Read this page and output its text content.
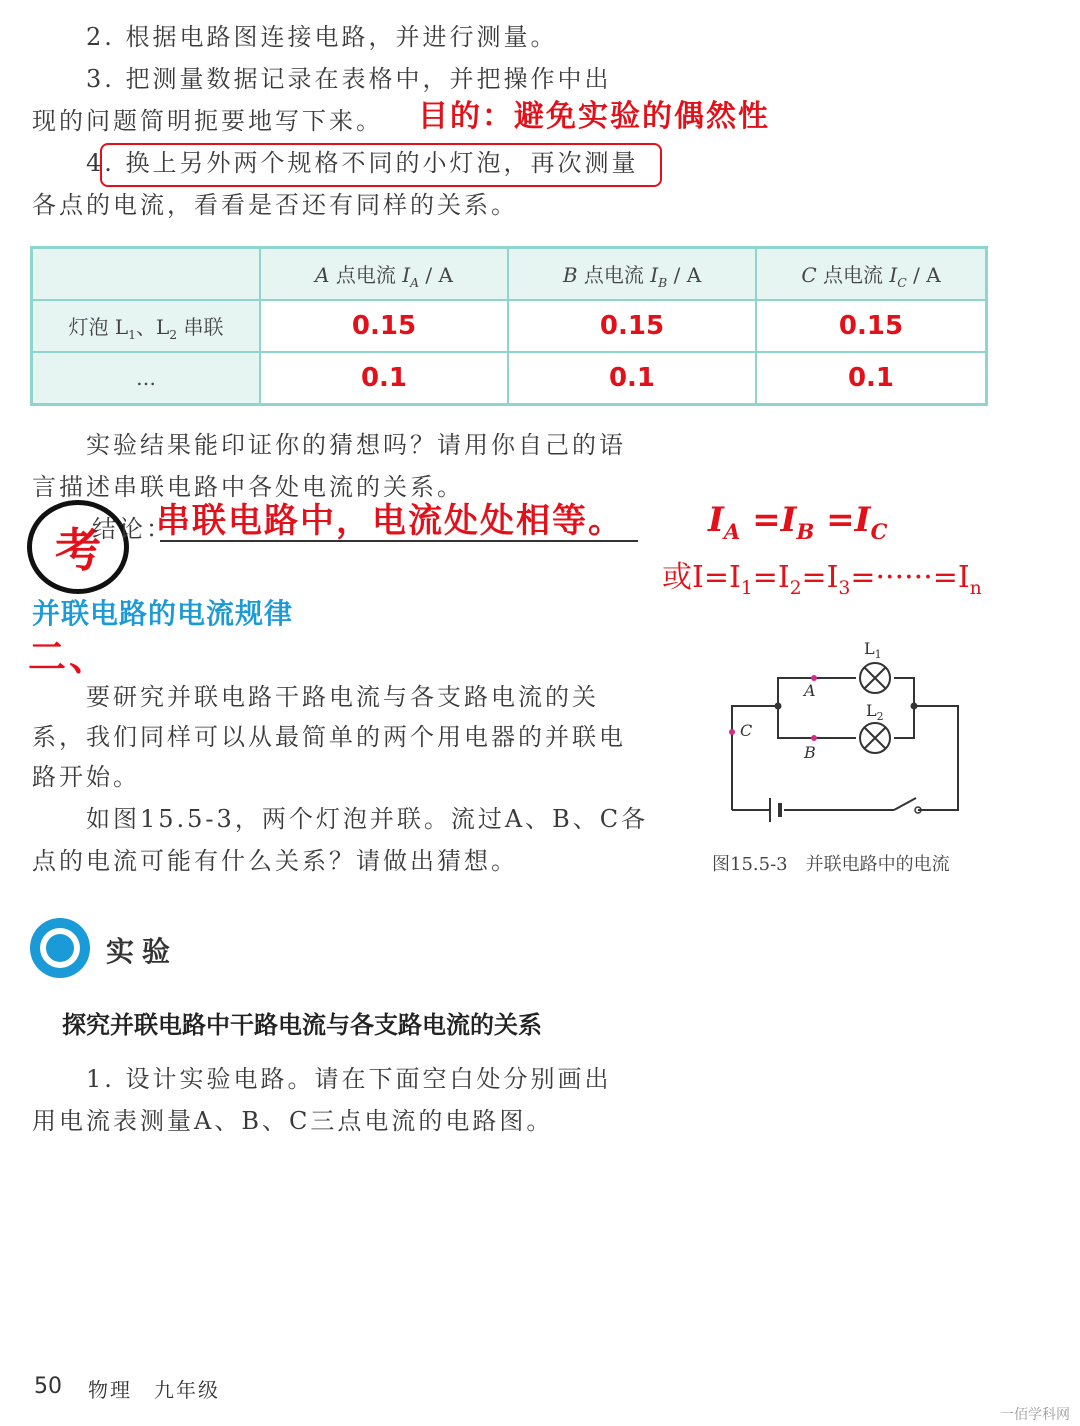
2. 根据电路图连接电路，并进行测量。

3. 把测量数据记录在表格中，并把操作中出

现的问题简明扼要地写下来。 目的：避免实验的偶然性

4. 换上另外两个规格不同的小灯泡，再次测量

各点的电流，看看是否还有同样的关系。

	A 点电流 $I_A$ / A	B 点电流 $I_B$ / A	C 点电流 $I_C$ / A
灯泡 $L_1$、$L_2$ 串联	0.15	0.15	0.15
…	0.1	0.1	0.1

实验结果能印证你的猜想吗？请用你自己的语

言描述串联电路中各处电流的关系。

考

结论：

串联电路中，电流处处相等。 $I_A =I_B =I_C$
或$I=I_1=I_2=I_3=\cdot\cdot\cdot\cdot\cdot\cdot=I_n$
并联电路的电流规律
二、

要研究并联电路干路电流与各支路电流的关

系，我们同样可以从最简单的两个用电器的并联电

路开始。

如图15.5-3，两个灯泡并联。流过A、B、C各

点的电流可能有什么关系？请做出猜想。

A
B
C
$L_1$
$L_2$
图15.5-3　并联电路中的电流
实验
探究并联电路中干路电流与各支路电流的关系

1. 设计实验电路。请在下面空白处分别画出

用电流表测量A、B、C三点电流的电路图。

50 物理　九年级
一佰学科网
